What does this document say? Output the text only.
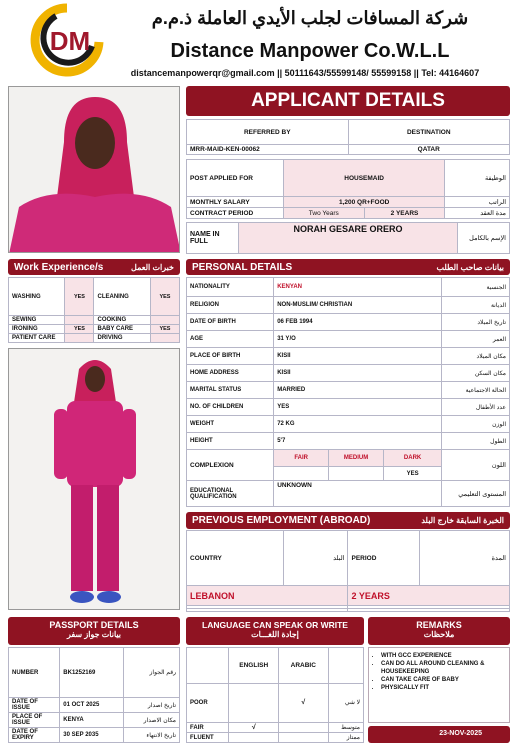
DM
شركة المسافات لجلب الأيدي العاملة ذ.م.م
Distance Manpower Co.W.L.L
distancemanpowerqr@gmail.com || 50111643/55599148/ 55599158 || Tel: 44164607
APPLICANT DETAILS
REFERRED BY	DESTINATION
MRR-MAID-KEN-00062	QATAR
POST APPLIED FOR	HOUSEMAID		الوظيفة
MONTHLY SALARY	1,200 QR+FOOD		الراتب
CONTRACT PERIOD	Two Years	2 YEARS	مدة العقد
NAME IN FULL	NORAH GESARE ORERO	الإسم بالكامل
Work Experience/s	خبرات العمل
WASHING	YES	CLEANING	YES
SEWING		COOKING	
IRONING	YES	BABY CARE	YES
PATIENT CARE		DRIVING	
PERSONAL DETAILS	بيانات صاحب الطلب
NATIONALITY	KENYAN			الجنسية
RELIGION	NON-MUSLIM/ CHRISTIAN			الديانة
DATE OF BIRTH	06 FEB 1994			تاريخ الميلاد
AGE	31 Y/O			العمر
PLACE OF BIRTH	KISII			مكان الميلاد
HOME ADDRESS	KISII			مكان السكن
MARITAL STATUS	MARRIED			الحالة الاجتماعية
NO. OF CHILDREN	YES			عدد الأطفال
WEIGHT	72 KG			الوزن
HEIGHT	5'7			الطول
COMPLEXION	FAIR	MEDIUM	DARK	اللون
			YES	
EDUCATIONAL QUALIFICATION	UNKNOWN			المستوى التعليمي
PREVIOUS EMPLOYMENT (ABROAD)	الخبرة السابقة خارج البلد
COUNTRY	البلد	PERIOD	المدة
LEBANON		2 YEARS	

PASSPORT DETAILS
بيانات جواز سفر
NUMBER	BK1252169	رقم الجواز
DATE OF ISSUE	01 OCT 2025	تاريخ اصدار
PLACE OF ISSUE	KENYA	مكان الاصدار
DATE OF EXPIRY	30 SEP 2035	تاريخ الانتهاء
LANGUAGE CAN SPEAK OR WRITE
إجادة اللغـــات
	ENGLISH	ARABIC	
POOR		√	لا شي
FAIR	√		متوسط
FLUENT			ممتاز
REMARKS
ملاحظات
• WITH GCC EXPERIENCE
• CAN DO ALL AROUND CLEANING & HOUSEKEEPING
• CAN TAKE CARE OF BABY
• PHYSICALLY FIT
23-NOV-2025
